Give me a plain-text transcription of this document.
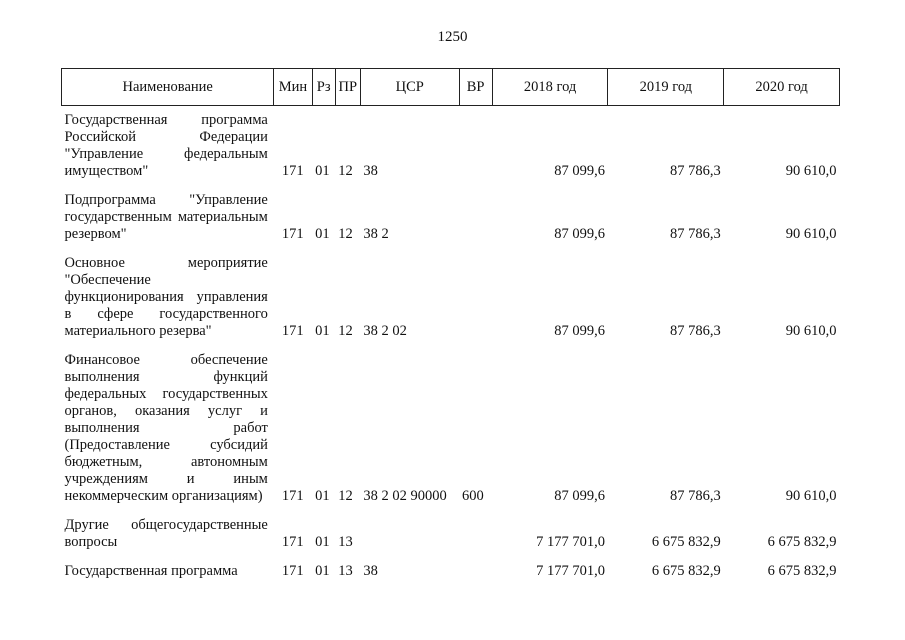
1250
Наименование	Мин	Рз	ПР	ЦСР	ВР	2018 год	2019 год	2020 год
Государственная программа Российской Федерации "Управление федеральным имуществом"	171	01	12	38		87 099,6	87 786,3	90 610,0
Подпрограмма "Управление государственным материальным резервом"	171	01	12	38 2		87 099,6	87 786,3	90 610,0
Основное мероприятие "Обеспечение функционирования управления в сфере государственного материального резерва"	171	01	12	38 2 02		87 099,6	87 786,3	90 610,0
Финансовое обеспечение выполнения функций федеральных государственных органов, оказания услуг и выполнения работ (Предоставление субсидий бюджетным, автономным учреждениям и иным некоммерческим организациям)	171	01	12	38 2 02 90000	600	87 099,6	87 786,3	90 610,0
Другие общегосударственные вопросы	171	01	13			7 177 701,0	6 675 832,9	6 675 832,9
Государственная программа	171	01	13	38		7 177 701,0	6 675 832,9	6 675 832,9
